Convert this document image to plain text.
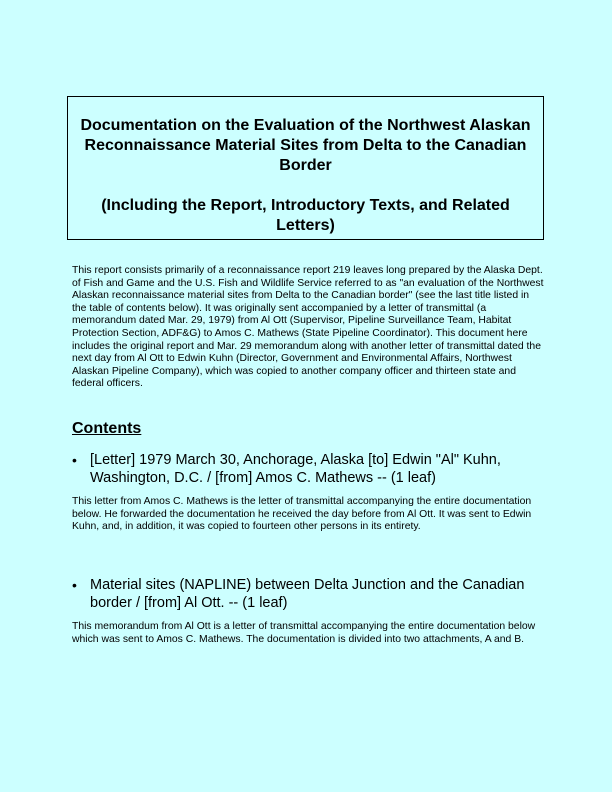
Documentation on the Evaluation of the Northwest Alaskan Reconnaissance Material Sites from Delta to the Canadian Border
(Including the Report, Introductory Texts, and Related Letters)
This report consists primarily of a reconnaissance report 219 leaves long prepared by the Alaska Dept. of Fish and Game and the U.S. Fish and Wildlife Service referred to as "an evaluation of the Northwest Alaskan reconnaissance material sites from Delta to the Canadian border" (see the last title listed in the table of contents below). It was originally sent accompanied by a letter of transmittal (a memorandum dated Mar. 29, 1979) from Al Ott (Supervisor, Pipeline Surveillance Team, Habitat Protection Section, ADF&G) to Amos C. Mathews (State Pipeline Coordinator). This document here includes the original report and Mar. 29 memorandum along with another letter of transmittal dated the next day from Al Ott to Edwin Kuhn (Director, Government and Environmental Affairs, Northwest Alaskan Pipeline Company), which was copied to another company officer and thirteen state and federal officers.
Contents
• [Letter] 1979 March 30, Anchorage, Alaska [to] Edwin "Al" Kuhn, Washington, D.C. / [from] Amos C. Mathews -- (1 leaf)
This letter from Amos C. Mathews is the letter of transmittal accompanying the entire documentation below. He forwarded the documentation he received the day before from Al Ott. It was sent to Edwin Kuhn, and, in addition, it was copied to fourteen other persons in its entirety.
• Material sites (NAPLINE) between Delta Junction and the Canadian border / [from] Al Ott. -- (1 leaf)
This memorandum from Al Ott is a letter of transmittal accompanying the entire documentation below which was sent to Amos C. Mathews. The documentation is divided into two attachments, A and B.
